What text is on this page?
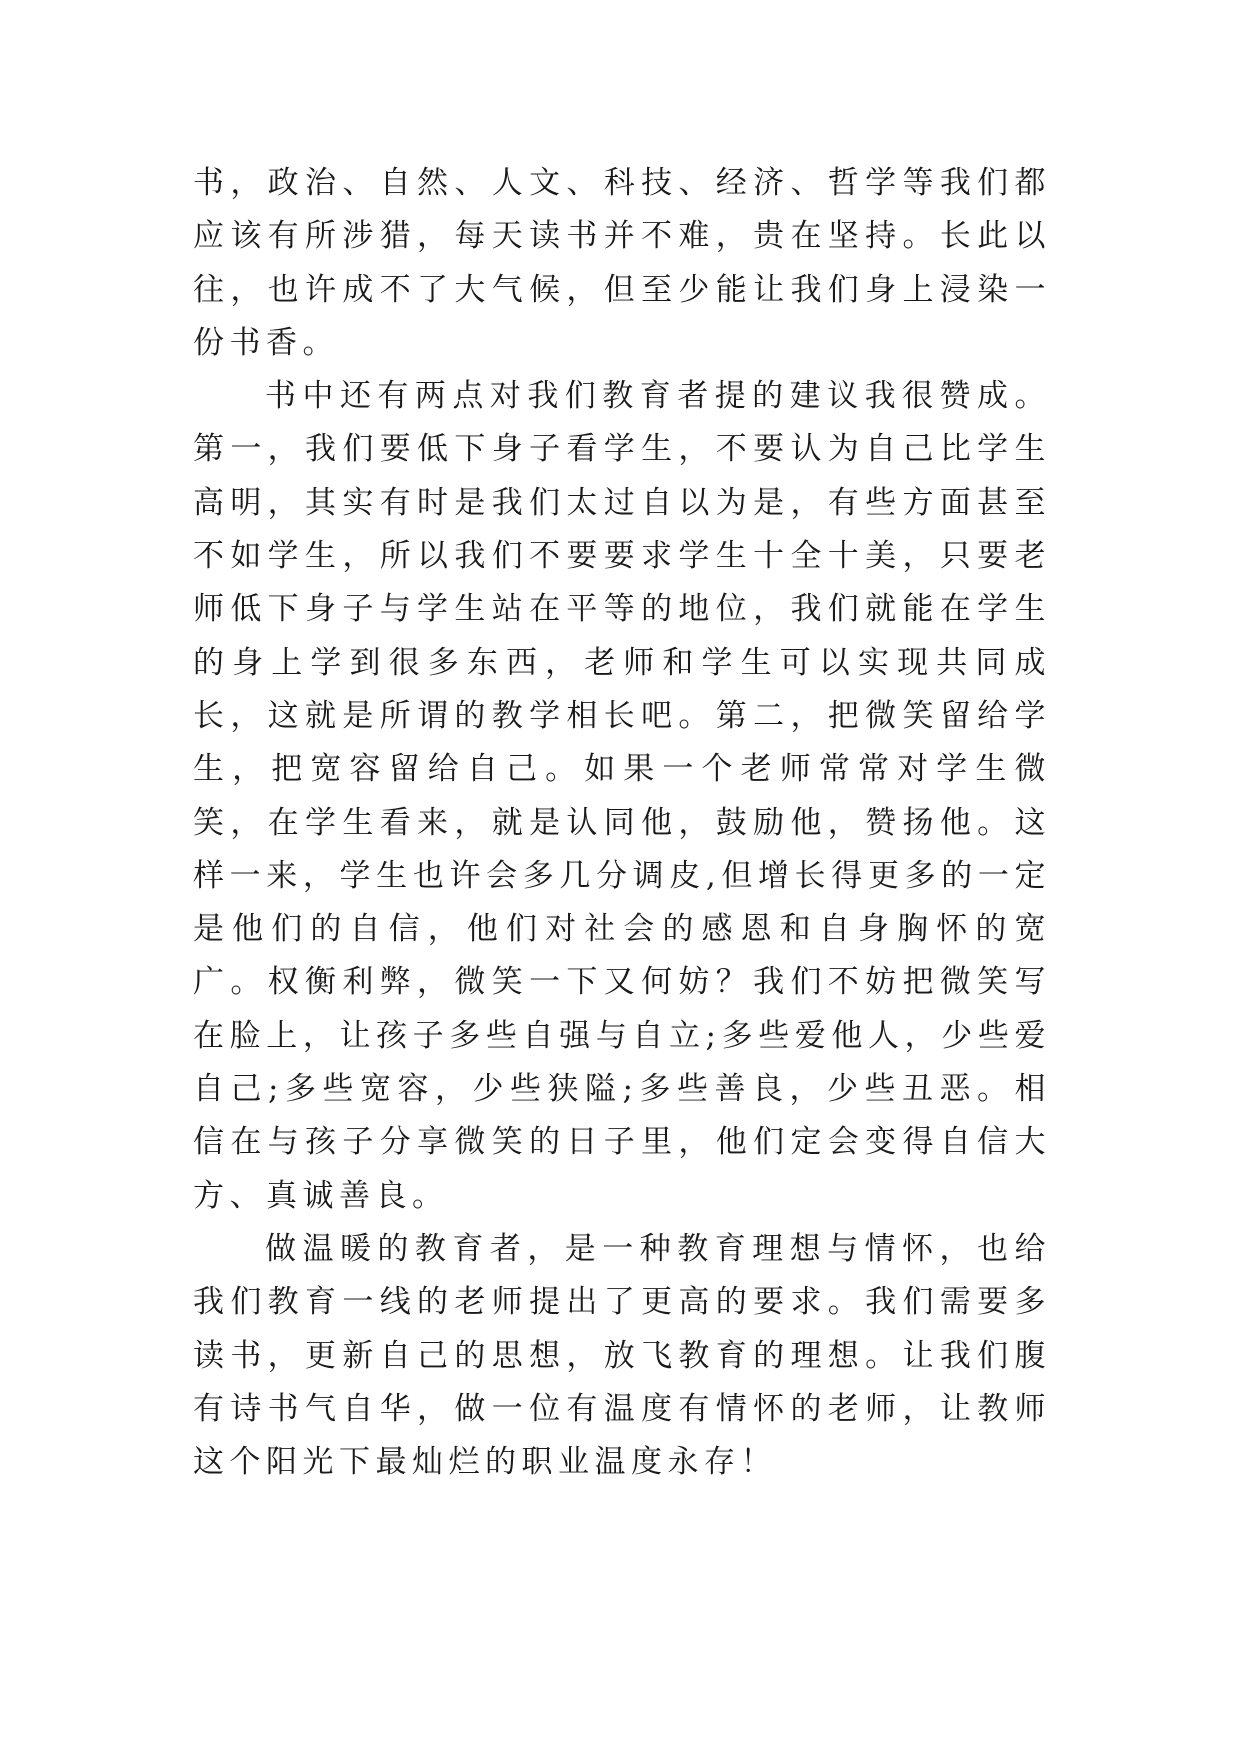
书，政治、自然、人文、科技、经济、哲学等我们都应该有所涉猎，每天读书并不难，贵在坚持。长此以往，也许成不了大气候，但至少能让我们身上浸染一份书香。

书中还有两点对我们教育者提的建议我很赞成。第一，我们要低下身子看学生，不要认为自己比学生高明，其实有时是我们太过自以为是，有些方面甚至不如学生，所以我们不要要求学生十全十美，只要老师低下身子与学生站在平等的地位，我们就能在学生的身上学到很多东西，老师和学生可以实现共同成长，这就是所谓的教学相长吧。第二，把微笑留给学生，把宽容留给自己。如果一个老师常常对学生微笑，在学生看来，就是认同他，鼓励他，赞扬他。这样一来，学生也许会多几分调皮,但增长得更多的一定是他们的自信，他们对社会的感恩和自身胸怀的宽广。权衡利弊，微笑一下又何妨？我们不妨把微笑写在脸上，让孩子多些自强与自立;多些爱他人，少些爱自己;多些宽容，少些狭隘;多些善良，少些丑恶。相信在与孩子分享微笑的日子里，他们定会变得自信大方、真诚善良。

做温暖的教育者，是一种教育理想与情怀，也给我们教育一线的老师提出了更高的要求。我们需要多读书，更新自己的思想，放飞教育的理想。让我们腹有诗书气自华，做一位有温度有情怀的老师，让教师这个阳光下最灿烂的职业温度永存！
